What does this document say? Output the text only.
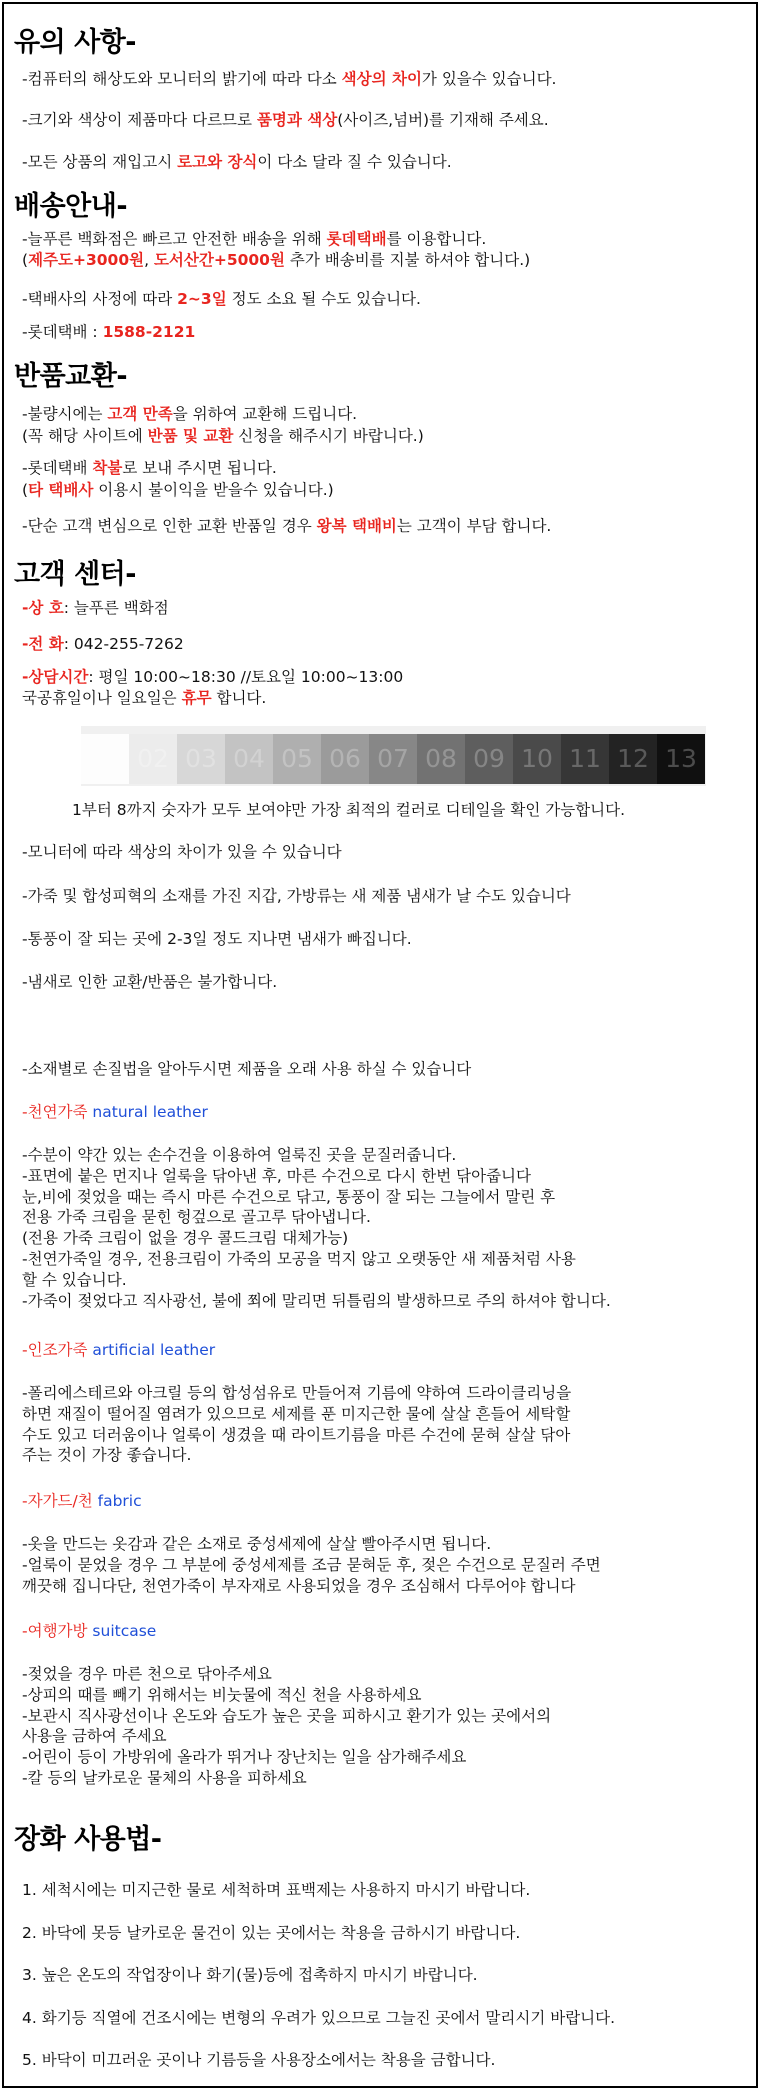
유의 사항-
-컴퓨터의 해상도와 모니터의 밝기에 따라 다소 색상의 차이가 있을수 있습니다.
-크기와 색상이 제품마다 다르므로 품명과 색상(사이즈,넘버)를 기재해 주세요.
-모든 상품의 재입고시 로고와 장식이 다소 달라 질 수 있습니다.
배송안내-
-늘푸른 백화점은 빠르고 안전한 배송을 위해 롯데택배를 이용합니다.
(제주도+3000원, 도서산간+5000원 추가 배송비를 지불 하셔야 합니다.)
-택배사의 사정에 따라 2~3일 정도 소요 될 수도 있습니다.
-롯데택배 : 1588-2121
반품교환-
-불량시에는 고객 만족을 위하여 교환해 드립니다.
(꼭 해당 사이트에 반품 및 교환 신청을 해주시기 바랍니다.)
-롯데택배 착불로 보내 주시면 됩니다.
(타 택배사 이용시 불이익을 받을수 있습니다.)
-단순 고객 변심으로 인한 교환 반품일 경우 왕복 택배비는 고객이 부담 합니다.
고객 센터-
-상 호: 늘푸른 백화점
-전 화: 042-255-7262
-상담시간: 평일 10:00~18:30 //토요일 10:00~13:00
국공휴일이나 일요일은 휴무 합니다.
01 02 03 04 05 06 07 08 09 10 11 12 13
1부터 8까지 숫자가 모두 보여야만 가장 최적의 컬러로 디테일을 확인 가능합니다.
-모니터에 따라 색상의 차이가 있을 수 있습니다
-가죽 및 합성피혁의 소재를 가진 지갑, 가방류는 새 제품 냄새가 날 수도 있습니다
-통풍이 잘 되는 곳에 2-3일 정도 지나면 냄새가 빠집니다.
-냄새로 인한 교환/반품은 불가합니다.
-소재별로 손질법을 알아두시면 제품을 오래 사용 하실 수 있습니다
-천연가죽 natural leather
-수분이 약간 있는 손수건을 이용하여 얼룩진 곳을 문질러줍니다.
-표면에 붙은 먼지나 얼룩을 닦아낸 후, 마른 수건으로 다시 한번 닦아줍니다
눈,비에 젖었을 때는 즉시 마른 수건으로 닦고, 통풍이 잘 되는 그늘에서 말린 후
전용 가죽 크림을 묻힌 헝겊으로 골고루 닦아냅니다.
(전용 가죽 크림이 없을 경우 콜드크림 대체가능)
-천연가죽일 경우, 전용크림이 가죽의 모공을 먹지 않고 오랫동안 새 제품처럼 사용
할 수 있습니다.
-가죽이 젖었다고 직사광선, 불에 쬐에 말리면 뒤틀림의 발생하므로 주의 하셔야 합니다.
-인조가죽 artificial leather
-폴리에스테르와 아크릴 등의 합성섬유로 만들어져 기름에 약하여 드라이클리닝을
하면 재질이 떨어질 염려가 있으므로 세제를 푼 미지근한 물에 살살 흔들어 세탁할
수도 있고 더러움이나 얼룩이 생겼을 때 라이트기름을 마른 수건에 묻혀 살살 닦아
주는 것이 가장 좋습니다.
-자가드/천 fabric
-옷을 만드는 옷감과 같은 소재로 중성세제에 살살 빨아주시면 됩니다.
-얼룩이 묻었을 경우 그 부분에 중성세제를 조금 묻혀둔 후, 젖은 수건으로 문질러 주면
깨끗해 집니다단, 천연가죽이 부자재로 사용되었을 경우 조심해서 다루어야 합니다
-여행가방 suitcase
-젖었을 경우 마른 천으로 닦아주세요
-상피의 때를 빼기 위해서는 비눗물에 적신 천을 사용하세요
-보관시 직사광선이나 온도와 습도가 높은 곳을 피하시고 환기가 있는 곳에서의
사용을 금하여 주세요
-어린이 등이 가방위에 올라가 뛰거나 장난치는 일을 삼가해주세요
-칼 등의 날카로운 물체의 사용을 피하세요
장화 사용법-
1. 세척시에는 미지근한 물로 세척하며 표백제는 사용하지 마시기 바랍니다.
2. 바닥에 못등 날카로운 물건이 있는 곳에서는 착용을 금하시기 바랍니다.
3. 높은 온도의 작업장이나 화기(물)등에 접촉하지 마시기 바랍니다.
4. 화기등 직열에 건조시에는 변형의 우려가 있으므로 그늘진 곳에서 말리시기 바랍니다.
5. 바닥이 미끄러운 곳이나 기름등을 사용장소에서는 착용을 금합니다.
